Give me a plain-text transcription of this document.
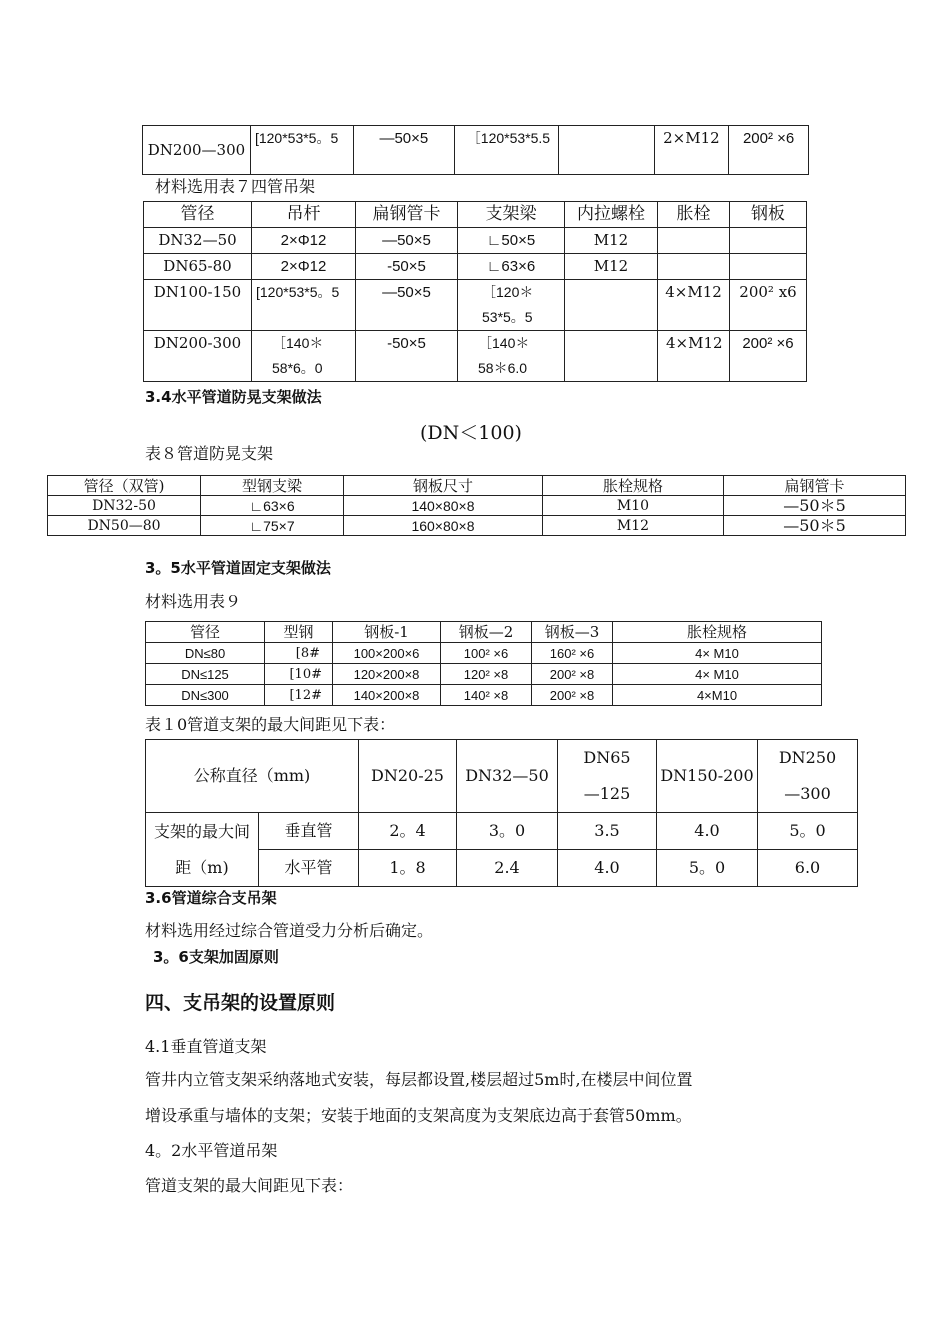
DN200—300	[120*53*5。5	—50×5	［120*53*5.5		2×M12	200² ×6
材料选用表７四管吊架
管径	吊杆	扁钢管卡	支架梁	内拉螺栓	胀栓	钢板
DN32—50	2×Φ12	—50×5	∟50×5	M12		
DN65-80	2×Φ12	-50×5	∟63×6	M12		
DN100-150	[120*53*5。5	—50×5	［120＊53*5。5		4×M12	200² x6
DN200-300	［140＊58*6。0	-50×5	［140＊58＊6.0		4×M12	200² ×6
3.4水平管道防晃支架做法
(DN＜100)
表８管道防晃支架
管径（双管)	型钢支梁	钢板尺寸	胀栓规格	扁钢管卡
DN32-50	∟63×6	140×80×8	M10	—50＊5
DN50—80	∟75×7	160×80×8	M12	—50＊5
3。5水平管道固定支架做法
材料选用表９
管径	型钢	钢板-1	钢板—2	钢板—3	胀栓规格
DN≤80	[8#	100×200×6	100² ×6	160² ×6	4× M10
DN≤125	[10#	120×200×8	120² ×8	200² ×8	4× M10
DN≤300	[12#	140×200×8	140² ×8	200² ×8	4×M10
表１0管道支架的最大间距见下表：
公称直径（mm)		DN20-25	DN32—50	DN65—125	DN150-200	DN250—300
支架的最大间距（m)	垂直管	2。4	3。0	3.5	4.0	5。0
	水平管	1。8	2.4	4.0	5。0	6.0
3.6管道综合支吊架
材料选用经过综合管道受力分析后确定。
3。6支架加固原则
四、支吊架的设置原则
4.1垂直管道支架
管井内立管支架采纳落地式安装，每层都设置,楼层超过5m时,在楼层中间位置
增设承重与墙体的支架；安装于地面的支架高度为支架底边高于套管50mm。
4。2水平管道吊架
管道支架的最大间距见下表：
